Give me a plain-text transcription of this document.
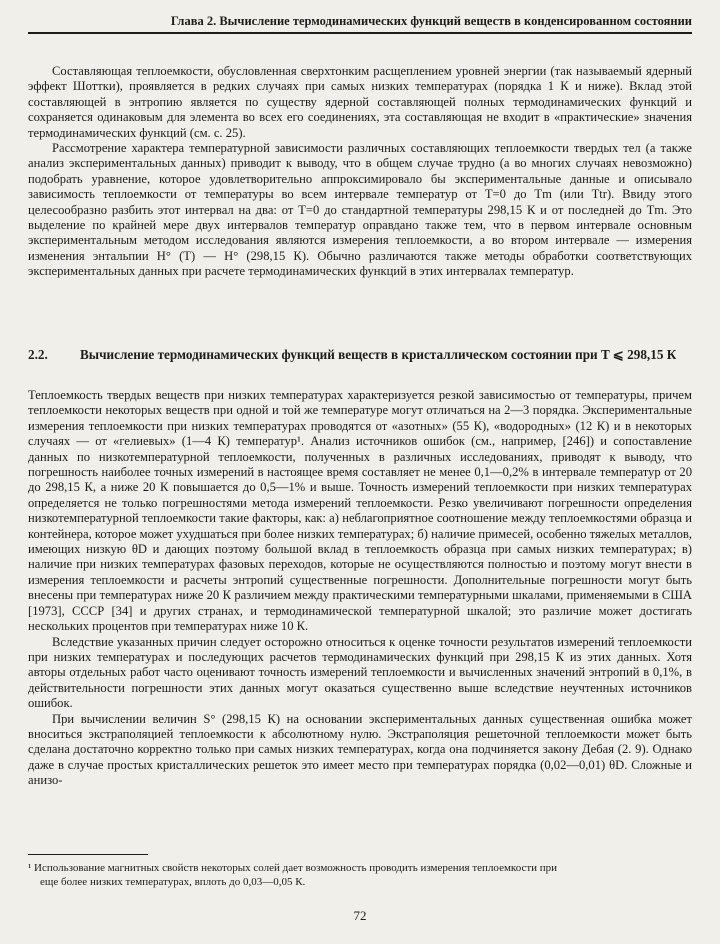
Глава 2. Вычисление термодинамических функций веществ в конденсированном состоянии

Составляющая теплоемкости, обусловленная сверхтонким расщеплением уровней энергии (так называемый ядерный эффект Шоттки), проявляется в редких случаях при самых низких температурах (порядка 1 К и ниже). Вклад этой составляющей в энтропию является по существу ядерной составляющей полных термодинамических функций и сохраняется одинаковым для элемента во всех его соединениях, эта составляющая не входит в «практические» значения термодинамических функций (см. с. 25).

Рассмотрение характера температурной зависимости различных составляющих теплоемкости твердых тел (а также анализ экспериментальных данных) приводит к выводу, что в общем случае трудно (а во многих случаях невозможно) подобрать уравнение, которое удовлетворительно аппроксимировало бы экспериментальные данные и описывало зависимость теплоемкости от температуры во всем интервале температур от T=0 до Tm (или Ttr). Ввиду этого целесообразно разбить этот интервал на два: от T=0 до стандартной температуры 298,15 К и от последней до Tm. Это выделение по крайней мере двух интервалов температур оправдано также тем, что в первом интервале основным экспериментальным методом исследования являются измерения теплоемкости, а во втором интервале — измерения изменения энтальпии H° (T) — H° (298,15 К). Обычно различаются также методы обработки соответствующих экспериментальных данных при расчете термодинамических функций в этих интервалах температур.

2.2.	Вычисление термодинамических функций веществ в кристаллическом состоянии при T ⩽ 298,15 К

Теплоемкость твердых веществ при низких температурах характеризуется резкой зависимостью от температуры, причем теплоемкости некоторых веществ при одной и той же температуре могут отличаться на 2—3 порядка. Экспериментальные измерения теплоемкости при низких температурах проводятся от «азотных» (55 К), «водородных» (12 К) и в некоторых случаях — от «гелиевых» (1—4 К) температур¹. Анализ источников ошибок (см., например, [246]) и сопоставление данных по низкотемпературной теплоемкости, полученных в различных исследованиях, приводят к выводу, что погрешность наиболее точных измерений в настоящее время составляет не менее 0,1—0,2% в интервале температур от 20 до 298,15 К, а ниже 20 К повышается до 0,5—1% и выше. Точность измерений теплоемкости при низких температурах определяется не только погрешностями метода измерений теплоемкости. Резко увеличивают погрешности определения низкотемпературной теплоемкости такие факторы, как: а) неблагоприятное соотношение между теплоемкостями образца и контейнера, которое может ухудшаться при более низких температурах; б) наличие примесей, особенно тяжелых металлов, имеющих низкую θD и дающих поэтому большой вклад в теплоемкость образца при самых низких температурах; в) наличие при низких температурах фазовых переходов, которые не осуществляются полностью и поэтому могут внести в измерения теплоемкости и расчеты энтропий существенные погрешности. Дополнительные погрешности могут быть внесены при температурах ниже 20 К различием между практическими температурными шкалами, применяемыми в США [1973], СССР [34] и других странах, и термодинамической температурной шкалой; это различие может достигать нескольких процентов при температурах ниже 10 К.

Вследствие указанных причин следует осторожно относиться к оценке точности результатов измерений теплоемкости при низких температурах и последующих расчетов термодинамических функций при 298,15 К из этих данных. Хотя авторы отдельных работ часто оценивают точность измерений теплоемкости и вычисленных значений энтропий в 0,1%, в действительности погрешности этих данных могут оказаться существенно выше вследствие неучтенных источников ошибок.

При вычислении величин S° (298,15 К) на основании экспериментальных данных существенная ошибка может вноситься экстраполяцией теплоемкости к абсолютному нулю. Экстраполяция решеточной теплоемкости может быть сделана достаточно корректно только при самых низких температурах, когда она подчиняется закону Дебая (2. 9). Однако даже в случае простых кристаллических решеток это имеет место при температурах порядка (0,02—0,01) θD. Сложные и анизо-

¹ Использование магнитных свойств некоторых солей дает возможность проводить измерения теплоемкости при
еще более низких температурах, вплоть до 0,03—0,05 К.
72
